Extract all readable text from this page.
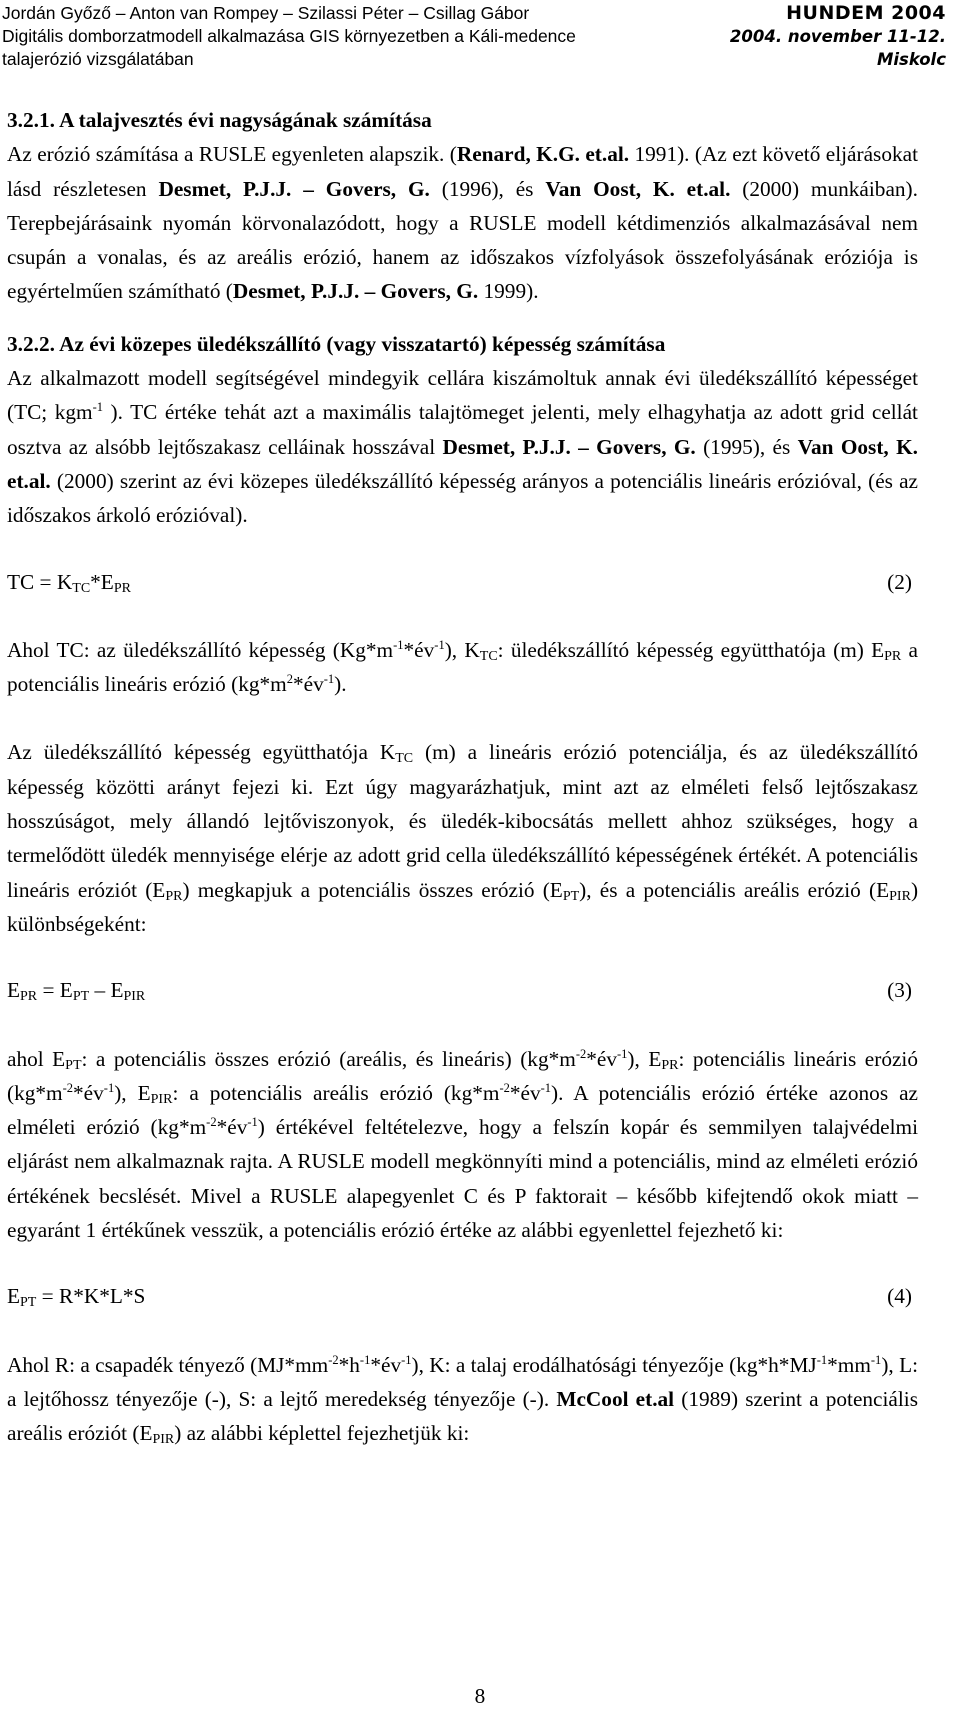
Jordán Győző – Anton van Rompey – Szilassi Péter – Csillag Gábor
Digitális domborzatmodell alkalmazása GIS környezetben a Káli-medence
talajerózió vizsgálatában
HUNDEM 2004
2004. november 11-12.
Miskolc

3.2.1. A talajvesztés évi nagyságának számítása

Az erózió számítása a RUSLE egyenleten alapszik. (Renard, K.G. et.al. 1991). (Az ezt követő eljárásokat lásd részletesen Desmet, P.J.J. – Govers, G. (1996), és Van Oost, K. et.al. (2000) munkáiban). Terepbejárásaink nyomán körvonalazódott, hogy a RUSLE modell kétdimenziós alkalmazásával nem csupán a vonalas, és az areális erózió, hanem az időszakos vízfolyások összefolyásának eróziója is egyértelműen számítható (Desmet, P.J.J. – Govers, G. 1999).

3.2.2. Az évi közepes üledékszállító (vagy visszatartó) képesség számítása

Az alkalmazott modell segítségével mindegyik cellára kiszámoltuk annak évi üledékszállító képességet (TC; kgm$^{-1}$ ). TC értéke tehát azt a maximális talajtömeget jelenti, mely elhagyhatja az adott grid cellát osztva az alsóbb lejtőszakasz celláinak hosszával Desmet, P.J.J. – Govers, G. (1995), és Van Oost, K. et.al. (2000) szerint az évi közepes üledékszállító képesség arányos a potenciális lineáris erózióval, (és az időszakos árkoló erózióval).

TC = $K_{TC}*E_{PR}$	(2)

Ahol TC: az üledékszállító képesség $(Kg*m^{-1}*év^{-1})$, $K_{TC}$: üledékszállító képesség együtthatója (m) $E_{PR}$ a potenciális lineáris erózió $(kg*m^2*év^{-1})$.

Az üledékszállító képesség együtthatója $K_{TC}$ (m) a lineáris erózió potenciálja, és az üledékszállító képesség közötti arányt fejezi ki. Ezt úgy magyarázhatjuk, mint azt az elméleti felső lejtőszakasz hosszúságot, mely állandó lejtőviszonyok, és üledék-kibocsátás mellett ahhoz szükséges, hogy a termelődött üledék mennyisége elérje az adott grid cella üledékszállító képességének értékét. A potenciális lineáris eróziót $(E_{PR})$ megkapjuk a potenciális összes erózió $(E_{PT})$, és a potenciális areális erózió $(E_{PIR})$ különbségeként:

$E_{PR} = E_{PT} - E_{PIR}$	(3)

ahol $E_{PT}$: a potenciális összes erózió (areális, és lineáris) $(kg*m^{-2}*év^{-1})$, $E_{PR}$: potenciális lineáris erózió $(kg*m^{-2}*év^{-1})$, $E_{PIR}$: a potenciális areális erózió $(kg*m^{-2}*év^{-1})$. A potenciális erózió értéke azonos az elméleti erózió $(kg*m^{-2}*év^{-1})$ értékével feltételezve, hogy a felszín kopár és semmilyen talajvédelmi eljárást nem alkalmaznak rajta. A RUSLE modell megkönnyíti mind a potenciális, mind az elméleti erózió értékének becslését. Mivel a RUSLE alapegyenlet C és P faktorait – később kifejtendő okok miatt – egyaránt 1 értékűnek vesszük, a potenciális erózió értéke az alábbi egyenlettel fejezhető ki:

$E_{PT} = R*K*L*S$	(4)

Ahol R: a csapadék tényező $(MJ*mm^{-2}*h^{-1}*év^{-1})$, K: a talaj erodálhatósági tényezője $(kg*h*MJ^{-1}*mm^{-1})$, L: a lejtőhossz tényezője (-), S: a lejtő meredekség tényezője (-). McCool et.al (1989) szerint a potenciális areális eróziót $(E_{PIR})$ az alábbi képlettel fejezhetjük ki:

8
